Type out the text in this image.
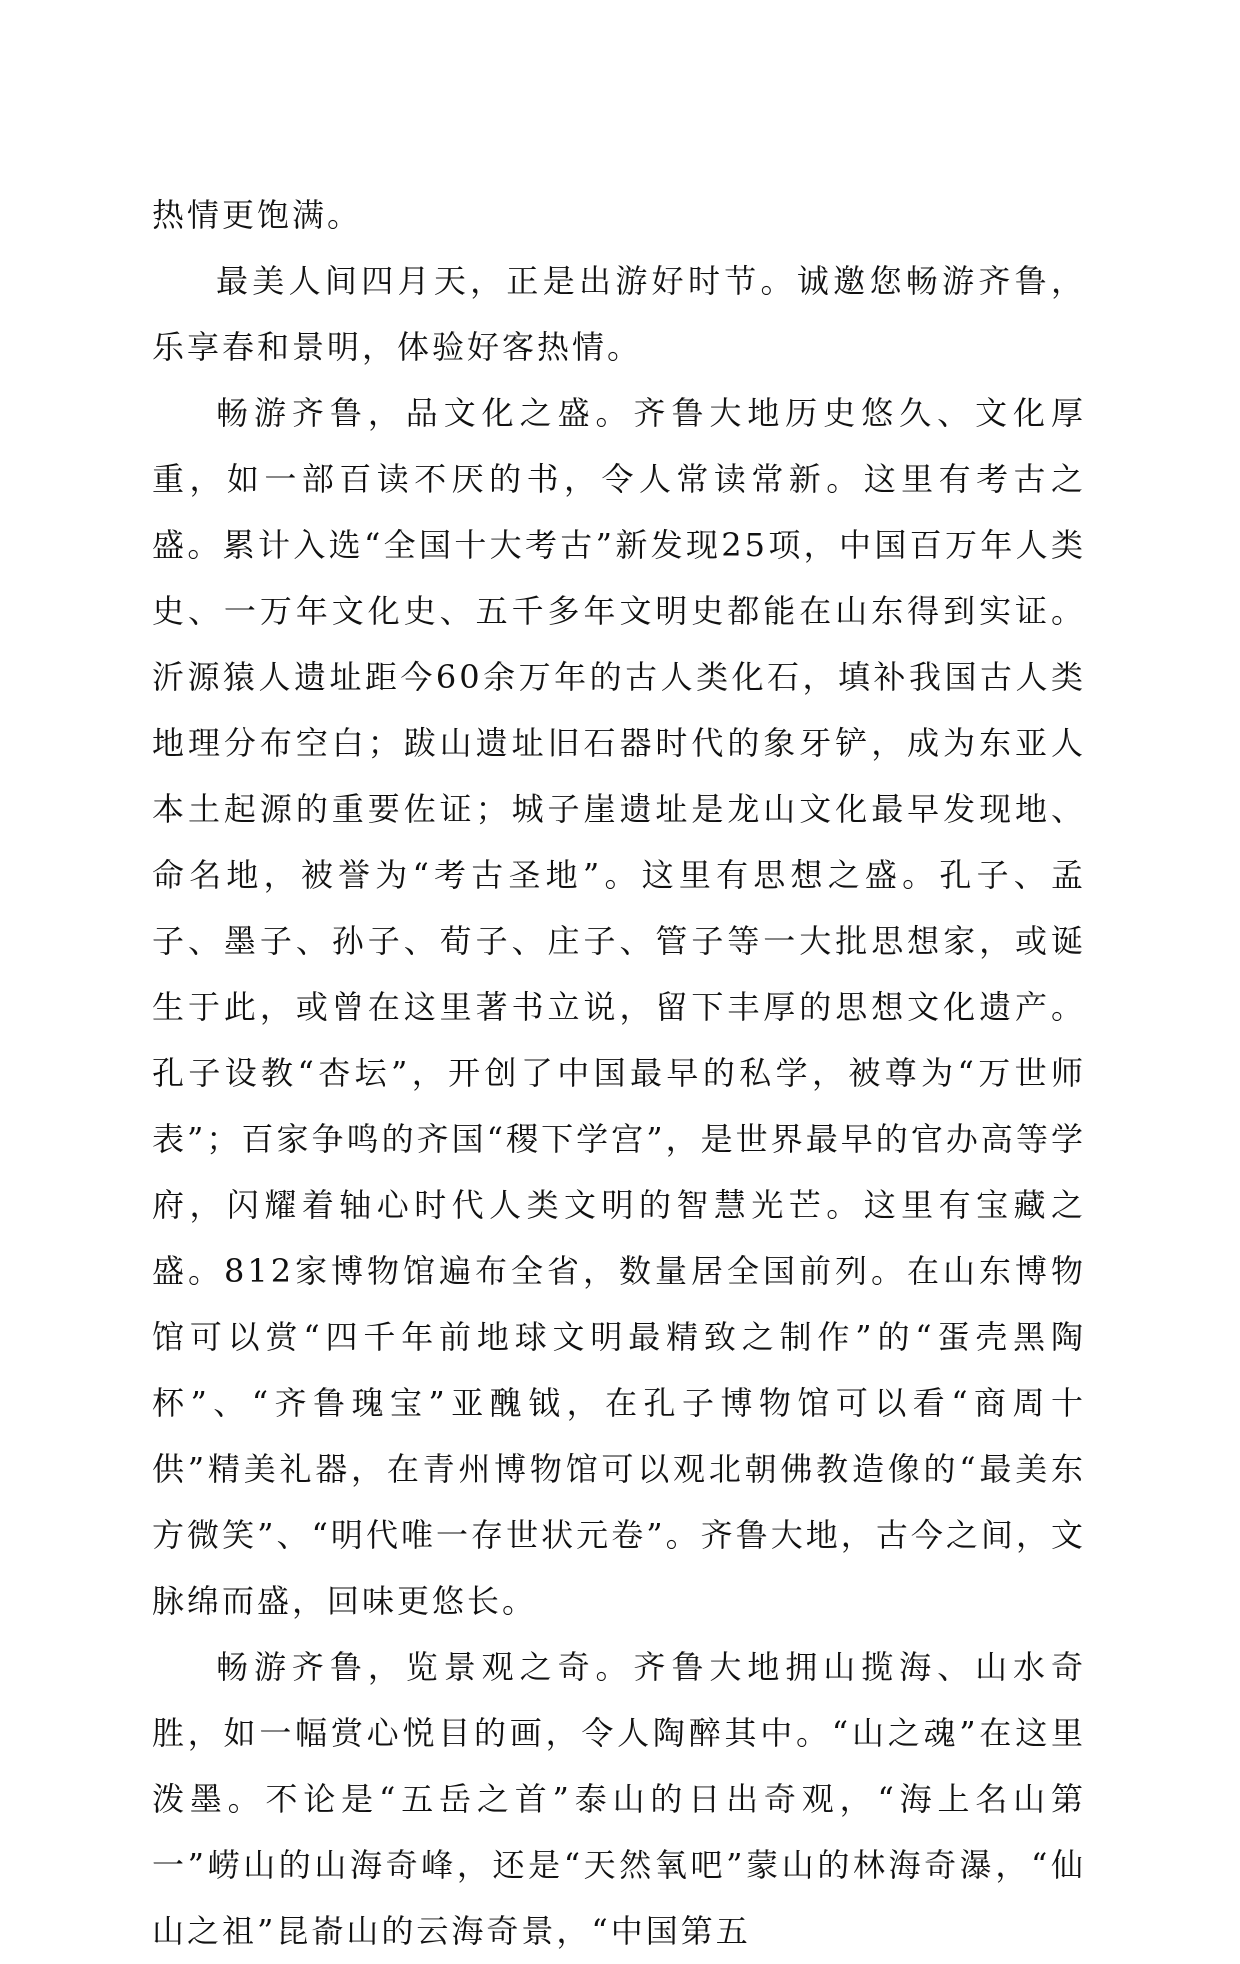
热情更饱满。

最美人间四月天，正是出游好时节。诚邀您畅游齐鲁，乐享春和景明，体验好客热情。

畅游齐鲁，品文化之盛。齐鲁大地历史悠久、文化厚重，如一部百读不厌的书，令人常读常新。这里有考古之盛。累计入选“全国十大考古”新发现25项，中国百万年人类史、一万年文化史、五千多年文明史都能在山东得到实证。沂源猿人遗址距今60余万年的古人类化石，填补我国古人类地理分布空白；跋山遗址旧石器时代的象牙铲，成为东亚人本土起源的重要佐证；城子崖遗址是龙山文化最早发现地、命名地，被誉为“考古圣地”。这里有思想之盛。孔子、孟子、墨子、孙子、荀子、庄子、管子等一大批思想家，或诞生于此，或曾在这里著书立说，留下丰厚的思想文化遗产。孔子设教“杏坛”，开创了中国最早的私学，被尊为“万世师表”；百家争鸣的齐国“稷下学宫”，是世界最早的官办高等学府，闪耀着轴心时代人类文明的智慧光芒。这里有宝藏之盛。812家博物馆遍布全省，数量居全国前列。在山东博物馆可以赏“四千年前地球文明最精致之制作”的“蛋壳黑陶杯”、“齐鲁瑰宝”亚醜钺，在孔子博物馆可以看“商周十供”精美礼器，在青州博物馆可以观北朝佛教造像的“最美东方微笑”、“明代唯一存世状元卷”。齐鲁大地，古今之间，文脉绵而盛，回味更悠长。

畅游齐鲁，览景观之奇。齐鲁大地拥山揽海、山水奇胜，如一幅赏心悦目的画，令人陶醉其中。“山之魂”在这里泼墨。不论是“五岳之首”泰山的日出奇观，“海上名山第一”崂山的山海奇峰，还是“天然氧吧”蒙山的林海奇瀑，“仙山之祖”昆嵛山的云海奇景，“中国第五
